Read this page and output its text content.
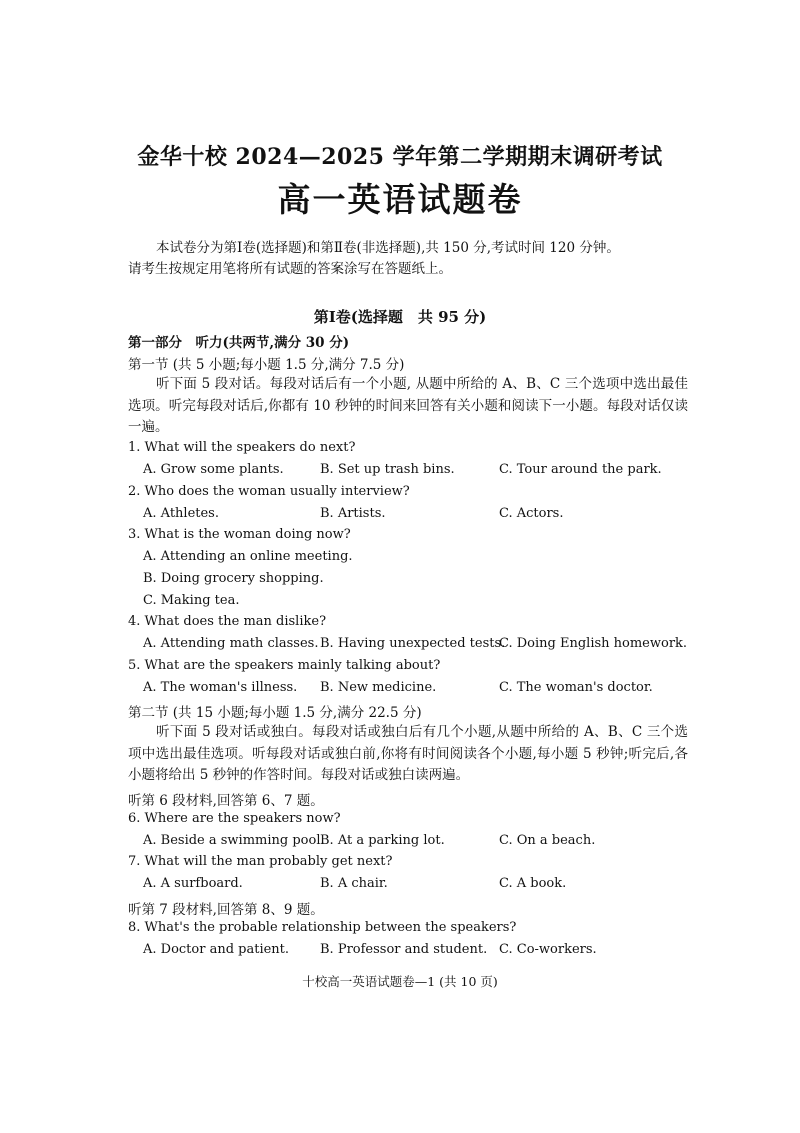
金华十校 2024—2025 学年第二学期期末调研考试
高一英语试题卷

本试卷分为第Ⅰ卷(选择题)和第Ⅱ卷(非选择题),共 150 分,考试时间 120 分钟。

请考生按规定用笔将所有试题的答案涂写在答题纸上。

第Ⅰ卷(选择题　共 95 分)
第一部分　听力(共两节,满分 30 分)
第一节 (共 5 小题;每小题 1.5 分,满分 7.5 分)
听下面 5 段对话。每段对话后有一个小题, 从题中所给的 A、B、C 三个选项中选出最佳选项。听完每段对话后,你都有 10 秒钟的时间来回答有关小题和阅读下一小题。每段对话仅读一遍。
1. What will the speakers do next?
A. Grow some plants.	B. Set up trash bins.	C. Tour around the park.
2. Who does the woman usually interview?
A. Athletes.	B. Artists.	C. Actors.
3. What is the woman doing now?
A. Attending an online meeting.
B. Doing grocery shopping.
C. Making tea.
4. What does the man dislike?
A. Attending math classes. B. Having unexpected tests.
C. Doing English homework.
5. What are the speakers mainly talking about?
A. The woman's illness. B. New medicine.	C. The woman's doctor.
第二节 (共 15 小题;每小题 1.5 分,满分 22.5 分)
听下面 5 段对话或独白。每段对话或独白后有几个小题,从题中所给的 A、B、C 三个选项中选出最佳选项。听每段对话或独白前,你将有时间阅读各个小题,每小题 5 秒钟;听完后,各小题将给出 5 秒钟的作答时间。每段对话或独白读两遍。
听第 6 段材料,回答第 6、7 题。
6. Where are the speakers now?
A. Beside a swimming pool.
B. At a parking lot.	C. On a beach.
7. What will the man probably get next?
A. A surfboard.	B. A chair.	C. A book.
听第 7 段材料,回答第 8、9 题。
8. What's the probable relationship between the speakers?
A. Doctor and patient. B. Professor and student. C. Co-workers.
十校高一英语试题卷—1 (共 10 页)
